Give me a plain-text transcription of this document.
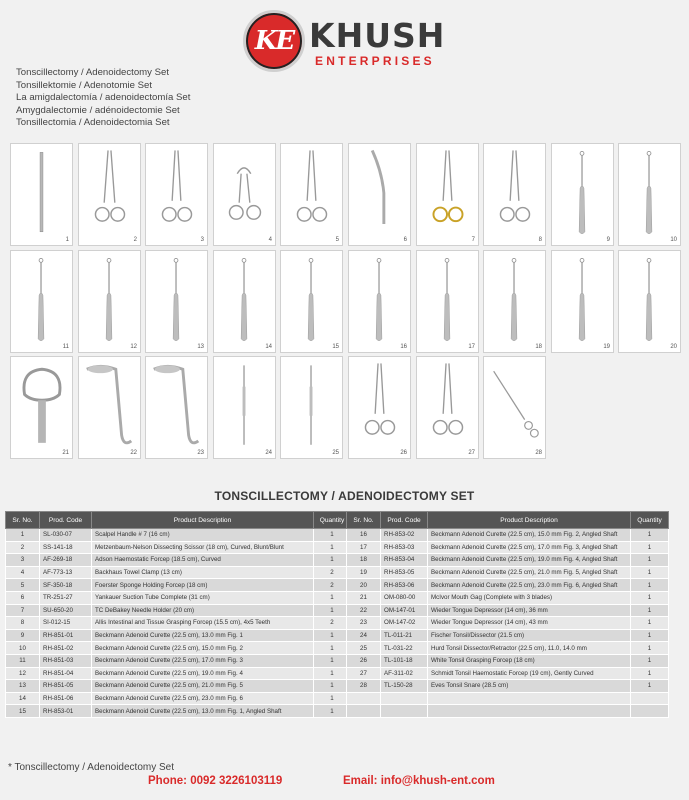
KE KHUSH
ENTERPRISES
Tonscillectomy / Adenoidectomy Set
Tonsillektomie / Adenotomie Set
La amigdalectomía / adenoidectomía Set
Amygdalectomie / adénoidectomie Set
Tonsillectomia / Adenoidectomia Set
1	2	3	4	5	6	7	8	9	10
11	12	13	14	15	16	17	18	19	20
21	22	23	24	25	26	27	28
TONSCILLECTOMY / ADENOIDECTOMY SET
Sr. No.	Prod. Code	Product Description	Quantity
1	SL-030-07	Scalpel Handle # 7 (16 cm)	1
2	SS-141-18	Metzenbaum-Nelson Dissecting Scissor (18 cm), Curved, Blunt/Blunt	1
3	AF-269-18	Adson Haemostatic Forcep (18.5 cm), Curved	1
4	AF-773-13	Backhaus Towel Clamp (13 cm)	2
5	SF-350-18	Foerster Sponge Holding Forcep (18 cm)	2
6	TR-251-27	Yankauer Suction Tube Complete (31 cm)	1
7	SU-650-20	TC DeBakey Needle Holder (20 cm)	1
8	SI-012-15	Allis Intestinal and Tissue Grasping Forcep (15.5 cm), 4x5 Teeth	2
9	RH-851-01	Beckmann Adenoid Curette (22.5 cm), 13.0 mm Fig. 1	1
10	RH-851-02	Beckmann Adenoid Curette (22.5 cm), 15.0 mm Fig. 2	1
11	RH-851-03	Beckmann Adenoid Curette (22.5 cm), 17.0 mm Fig. 3	1
12	RH-851-04	Beckmann Adenoid Curette (22.5 cm), 19.0 mm Fig. 4	1
13	RH-851-05	Beckmann Adenoid Curette (22.5 cm), 21.0 mm Fig. 5	1
14	RH-851-06	Beckmann Adenoid Curette (22.5 cm), 23.0 mm Fig. 6	1
15	RH-853-01	Beckmann Adenoid Curette (22.5 cm), 13.0 mm Fig. 1, Angled Shaft	1
Sr. No.	Prod. Code	Product Description	Quantity
16	RH-853-02	Beckmann Adenoid Curette (22.5 cm), 15.0 mm Fig. 2, Angled Shaft	1
17	RH-853-03	Beckmann Adenoid Curette (22.5 cm), 17.0 mm Fig. 3, Angled Shaft	1
18	RH-853-04	Beckmann Adenoid Curette (22.5 cm), 19.0 mm Fig. 4, Angled Shaft	1
19	RH-853-05	Beckmann Adenoid Curette (22.5 cm), 21.0 mm Fig. 5, Angled Shaft	1
20	RH-853-06	Beckmann Adenoid Curette (22.5 cm), 23.0 mm Fig. 6, Angled Shaft	1
21	OM-080-00	McIvor Mouth Gag (Complete with 3 blades)	1
22	OM-147-01	Wieder Tongue Depressor (14 cm), 36 mm	1
23	OM-147-02	Wieder Tongue Depressor (14 cm), 43 mm	1
24	TL-011-21	Fischer Tonsil/Dissector (21.5 cm)	1
25	TL-031-22	Hurd Tonsil Dissector/Retractor (22.5 cm), 11.0, 14.0 mm	1
26	TL-101-18	White Tonsil Grasping Forcep (18 cm)	1
27	AF-311-02	Schmidt Tonsil Haemostatic Forcep (19 cm), Gently Curved	1
28	TL-150-28	Eves Tonsil Snare (28.5 cm)	1

* Tonscillectomy / Adenoidectomy Set
Phone: 0092 3226103119	Email: info@khush-ent.com
